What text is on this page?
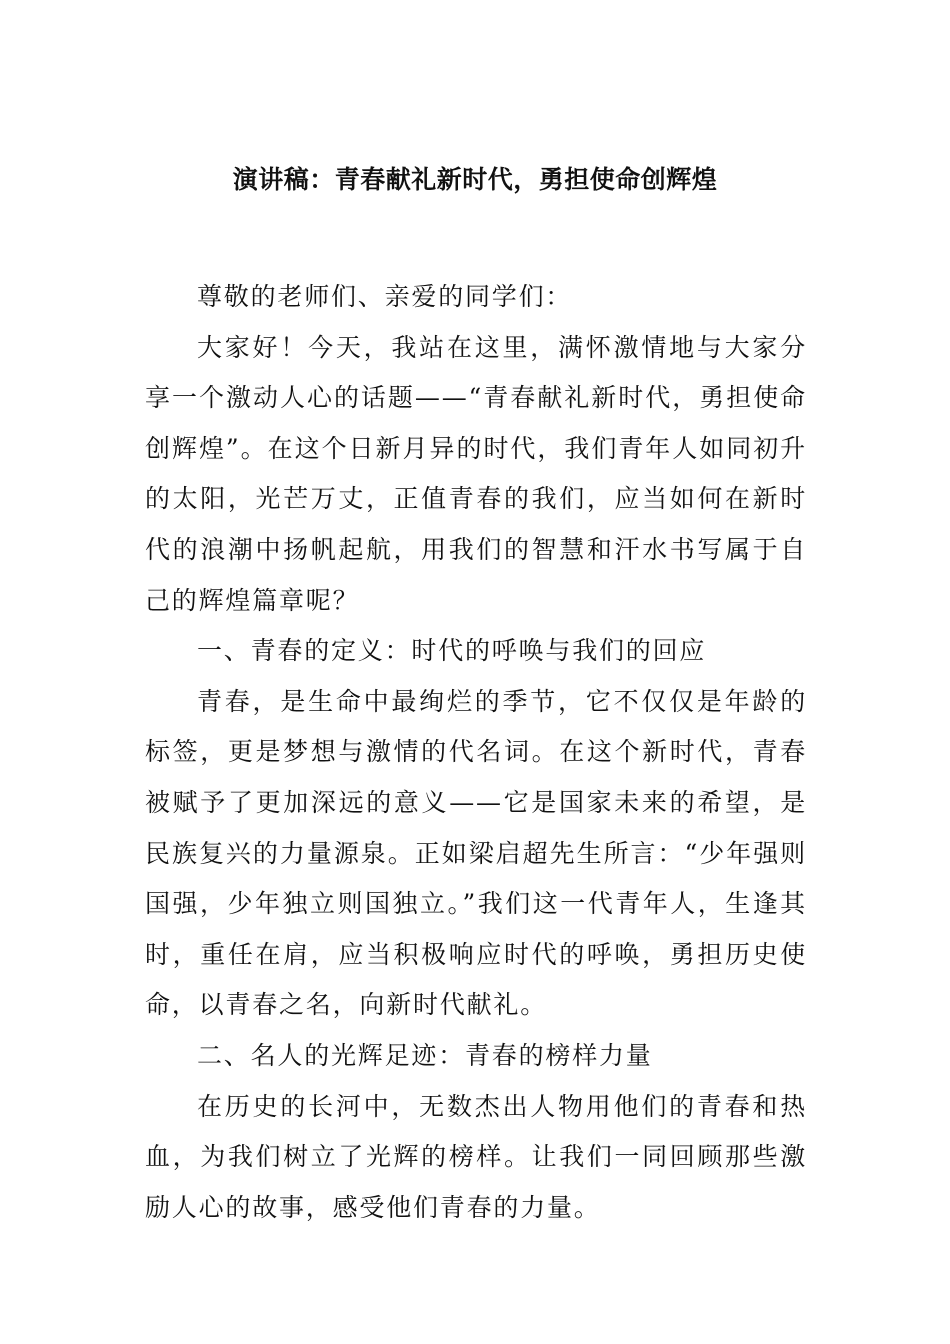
演讲稿：青春献礼新时代，勇担使命创辉煌

尊敬的老师们、亲爱的同学们：

大家好！今天，我站在这里，满怀激情地与大家分享一个激动人心的话题——“青春献礼新时代，勇担使命创辉煌”。在这个日新月异的时代，我们青年人如同初升的太阳，光芒万丈，正值青春的我们，应当如何在新时代的浪潮中扬帆起航，用我们的智慧和汗水书写属于自己的辉煌篇章呢？

一、青春的定义：时代的呼唤与我们的回应

青春，是生命中最绚烂的季节，它不仅仅是年龄的标签，更是梦想与激情的代名词。在这个新时代，青春被赋予了更加深远的意义——它是国家未来的希望，是民族复兴的力量源泉。正如梁启超先生所言：“少年强则国强，少年独立则国独立。”我们这一代青年人，生逢其时，重任在肩，应当积极响应时代的呼唤，勇担历史使命，以青春之名，向新时代献礼。

二、名人的光辉足迹：青春的榜样力量

在历史的长河中，无数杰出人物用他们的青春和热血，为我们树立了光辉的榜样。让我们一同回顾那些激励人心的故事，感受他们青春的力量。
